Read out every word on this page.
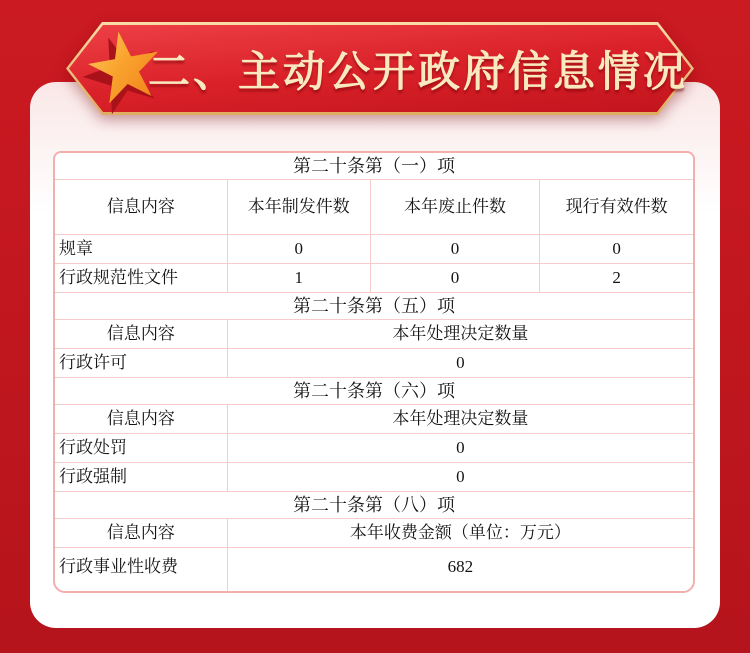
第二十条第（一）项			
信息内容	本年制发件数	本年废止件数	现行有效件数
规章	0	0	0
行政规范性文件	1	0	2
第二十条第（五）项			
信息内容	本年处理决定数量		
行政许可	0		
第二十条第（六）项			
信息内容	本年处理决定数量		
行政处罚	0		
行政强制	0		
第二十条第（八）项			
信息内容	本年收费金额（单位：万元）		
行政事业性收费	682		
二、主动公开政府信息情况
